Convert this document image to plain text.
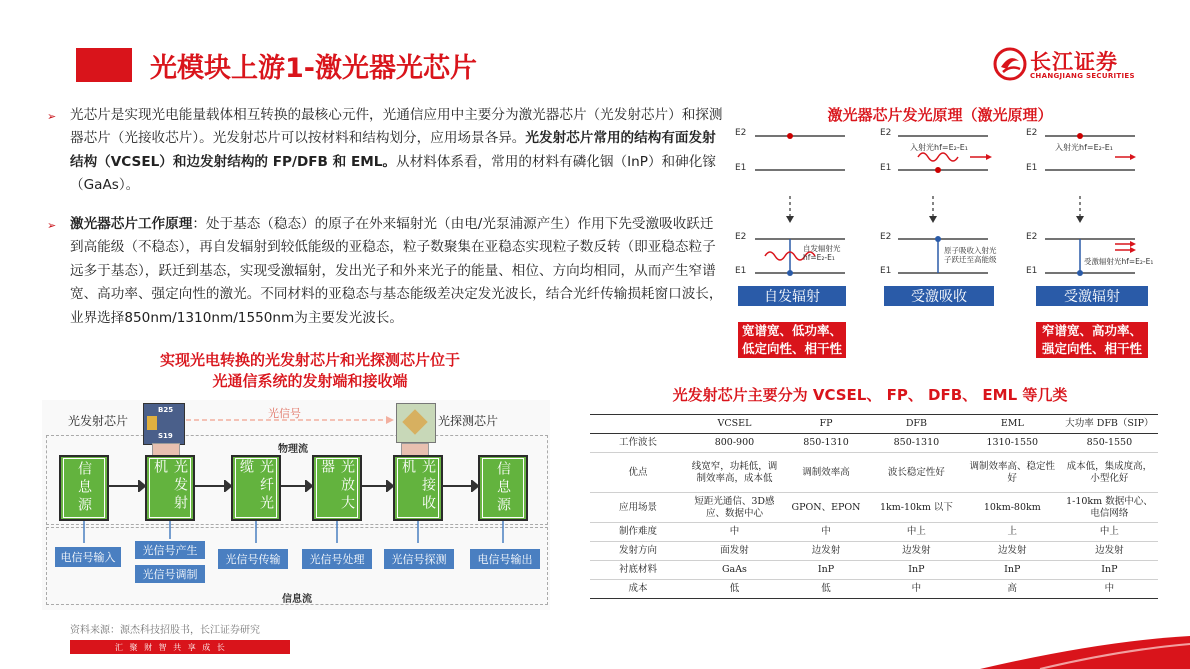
光模块上游1-激光器光芯片	长江证券
CHANGJIANG SECURITIES
➢ 光芯片是实现光电能量载体相互转换的最核心元件，光通信应用中主要分为激光器芯片（光发射芯片）和探测器芯片（光接收芯片）。光发射芯片可以按材料和结构划分，应用场景各异。光发射芯片常用的结构有面发射结构（VCSEL）和边发射结构的 FP/DFB 和 EML。从材料体系看，常用的材料有磷化铟（InP）和砷化镓（GaAs）。
➢ 激光器芯片工作原理：处于基态（稳态）的原子在外来辐射光（由电/光泵浦源产生）作用下先受激吸收跃迁到高能级（不稳态），再自发辐射到较低能级的亚稳态，粒子数聚集在亚稳态实现粒子数反转（即亚稳态粒子远多于基态），跃迁到基态，实现受激辐射，发出光子和外来光子的能量、相位、方向均相同，从而产生窄谱宽、高功率、强定向性的激光。不同材料的亚稳态与基态能级差决定发光波长，结合光纤传输损耗窗口波长，业界选择850nm/1310nm/1550nm为主要发光波长。
实现光电转换的光发射芯片和光探测芯片位于
光通信系统的发射端和接收端
物理流
信息流
光发射芯片	光探测芯片
光信号
B25
S19
信息源	光发射机	光纤光缆	光放大器	光接收机	信息源
电信号输入
光信号产生
光信号调制
光信号传输	光信号处理	光信号探测	电信号输出
激光器芯片发光原理（激光原理）
E2
E1
E2
E1
E2
E1
E2
E1
E2
E1
E2
E1
入射光hf=E₂-E₁	入射光hf=E₂-E₁
自发辐射光hf=E₂-E₁
原子吸收入射光
子跃迁至高能级	受激辐射光hf=E₂-E₁
自发辐射	受激吸收	受激辐射
宽谱宽、低功率、
低定向性、相干性
窄谱宽、高功率、
强定向性、相干性
光发射芯片主要分为 VCSEL、 FP、 DFB、 EML 等几类
	VCSEL	FP	DFB	EML	大功率 DFB（SIP）
工作波长	800-900	850-1310	850-1310	1310-1550	850-1550
优点	线宽窄，功耗低，调制效率高，成本低	调制效率高	波长稳定性好	调制效率高、稳定性好	成本低，集成度高，小型化好
应用场景	短距光通信、3D感应、数据中心	GPON、EPON	1km-10km 以下	10km-80km	1-10km 数据中心、电信网络
制作难度	中	中	中上	上	中上
发射方向	面发射	边发射	边发射	边发射	边发射
衬底材料	GaAs	InP	InP	InP	InP
成本	低	低	中	高	中
资料来源：源杰科技招股书，长江证券研究
汇 聚 财 智 共 享 成 长
